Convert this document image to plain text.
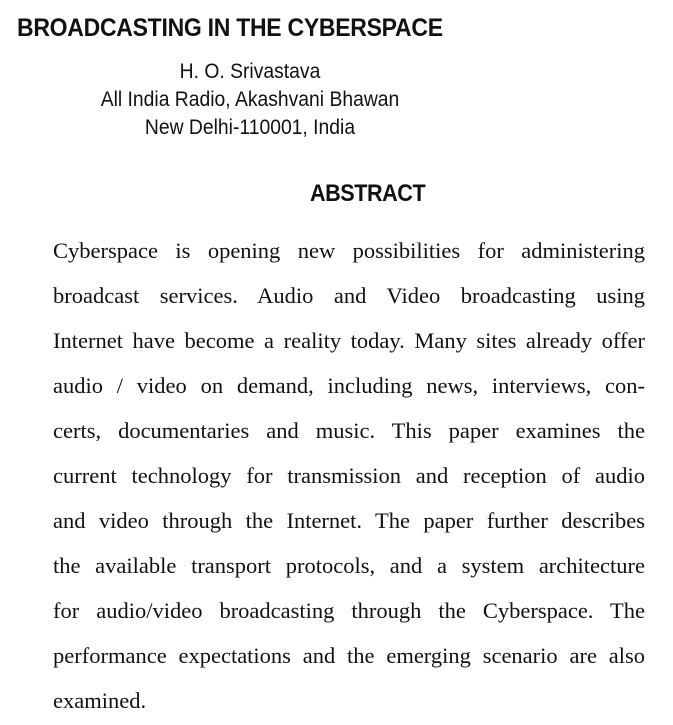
BROADCASTING IN THE CYBERSPACE
H. O. Srivastava
All India Radio, Akashvani Bhawan
New Delhi-110001, India
ABSTRACT
Cyberspace is opening new possibilities for administering
broadcast services. Audio and Video broadcasting using
Internet have become a reality today. Many sites already offer
audio / video on demand, including news, interviews, con-
certs, documentaries and music. This paper examines the
current technology for transmission and reception of audio
and video through the Internet. The paper further describes
the available transport protocols, and a system architecture
for audio/video broadcasting through the Cyberspace. The
performance expectations and the emerging scenario are also
examined.
